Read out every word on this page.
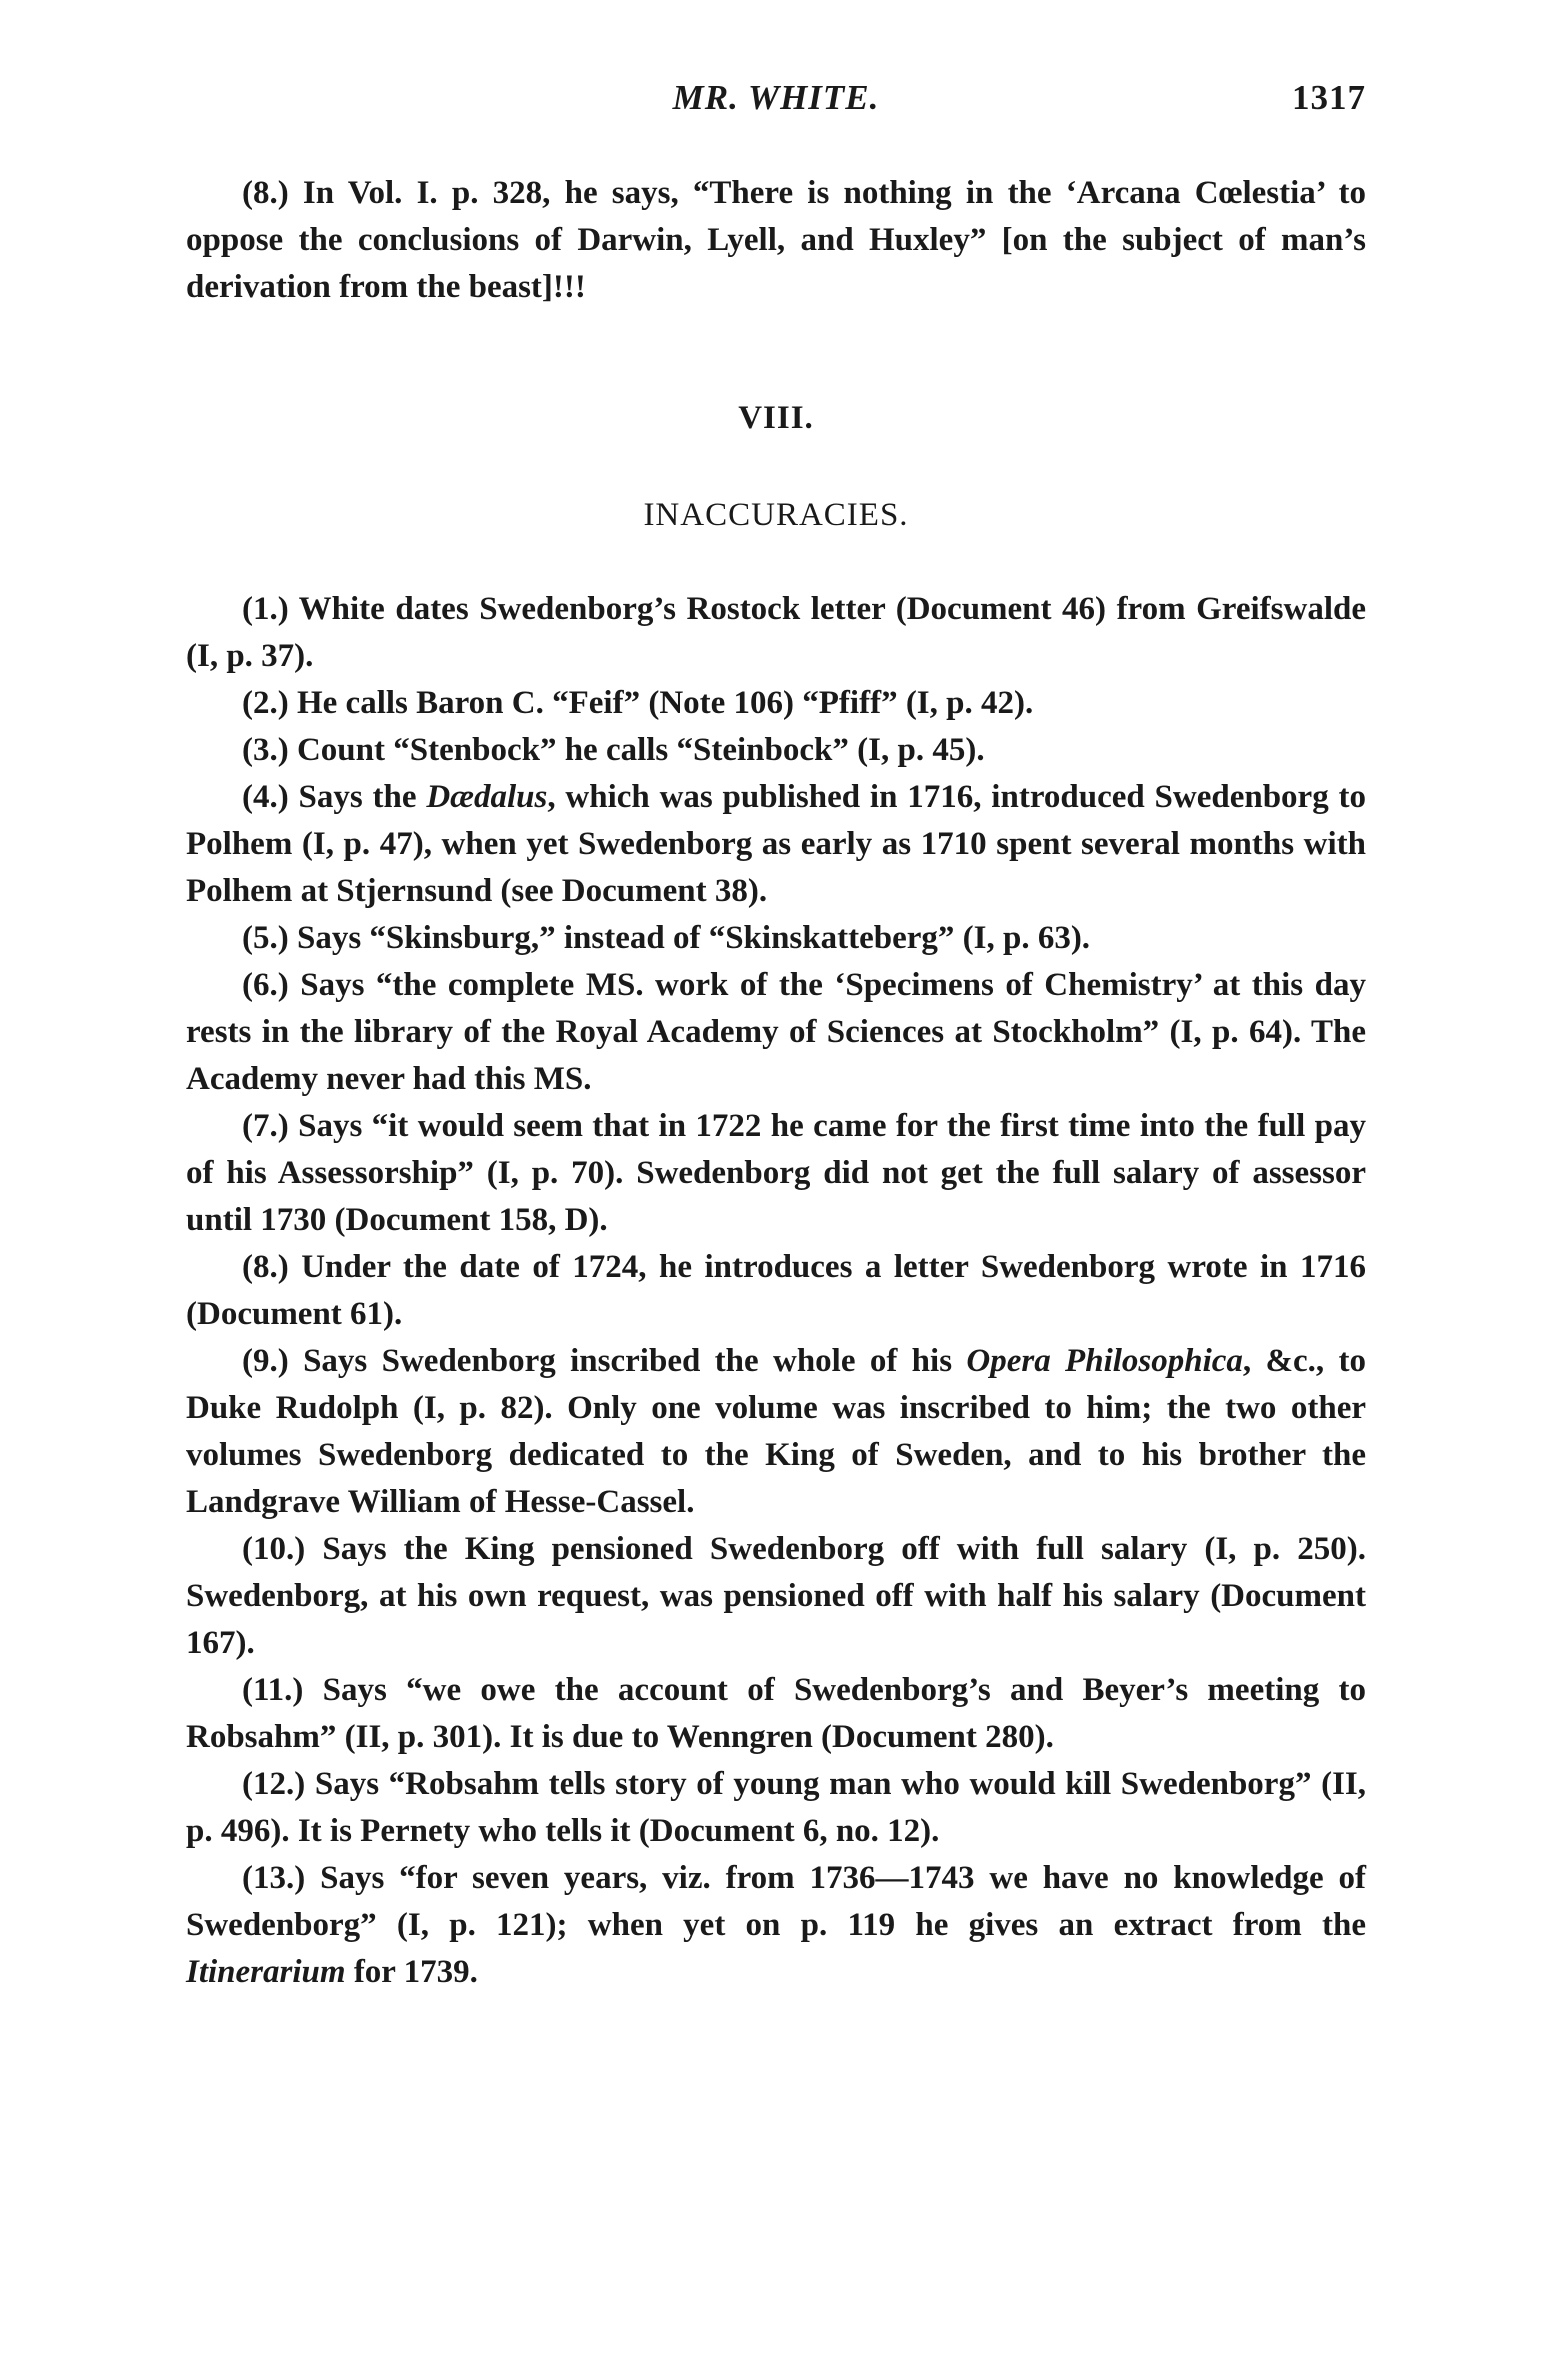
MR. WHITE.	1317

(8.) In Vol. I. p. 328, he says, “There is nothing in the ‘Arcana Cœlestia’ to oppose the conclusions of Darwin, Lyell, and Huxley” [on the subject of man’s derivation from the beast]!!!

VIII.
INACCURACIES.

(1.) White dates Swedenborg’s Rostock letter (Document 46) from Greifswalde (I, p. 37).

(2.) He calls Baron C. “Feif” (Note 106) “Pfiff” (I, p. 42).

(3.) Count “Stenbock” he calls “Steinbock” (I, p. 45).

(4.) Says the Dædalus, which was published in 1716, introduced Swedenborg to Polhem (I, p. 47), when yet Swedenborg as early as 1710 spent several months with Polhem at Stjernsund (see Document 38).

(5.) Says “Skinsburg,” instead of “Skinskatteberg” (I, p. 63).

(6.) Says “the complete MS. work of the ‘Specimens of Chemistry’ at this day rests in the library of the Royal Academy of Sciences at Stockholm” (I, p. 64). The Academy never had this MS.

(7.) Says “it would seem that in 1722 he came for the first time into the full pay of his Assessorship” (I, p. 70). Swedenborg did not get the full salary of assessor until 1730 (Document 158, D).

(8.) Under the date of 1724, he introduces a letter Swedenborg wrote in 1716 (Document 61).

(9.) Says Swedenborg inscribed the whole of his Opera Philosophica, &c., to Duke Rudolph (I, p. 82). Only one volume was inscribed to him; the two other volumes Swedenborg dedicated to the King of Sweden, and to his brother the Landgrave William of Hesse-Cassel.

(10.) Says the King pensioned Swedenborg off with full salary (I, p. 250). Swedenborg, at his own request, was pensioned off with half his salary (Document 167).

(11.) Says “we owe the account of Swedenborg’s and Beyer’s meeting to Robsahm” (II, p. 301). It is due to Wenngren (Document 280).

(12.) Says “Robsahm tells story of young man who would kill Swedenborg” (II, p. 496). It is Pernety who tells it (Document 6, no. 12).

(13.) Says “for seven years, viz. from 1736—1743 we have no knowledge of Swedenborg” (I, p. 121); when yet on p. 119 he gives an extract from the Itinerarium for 1739.
